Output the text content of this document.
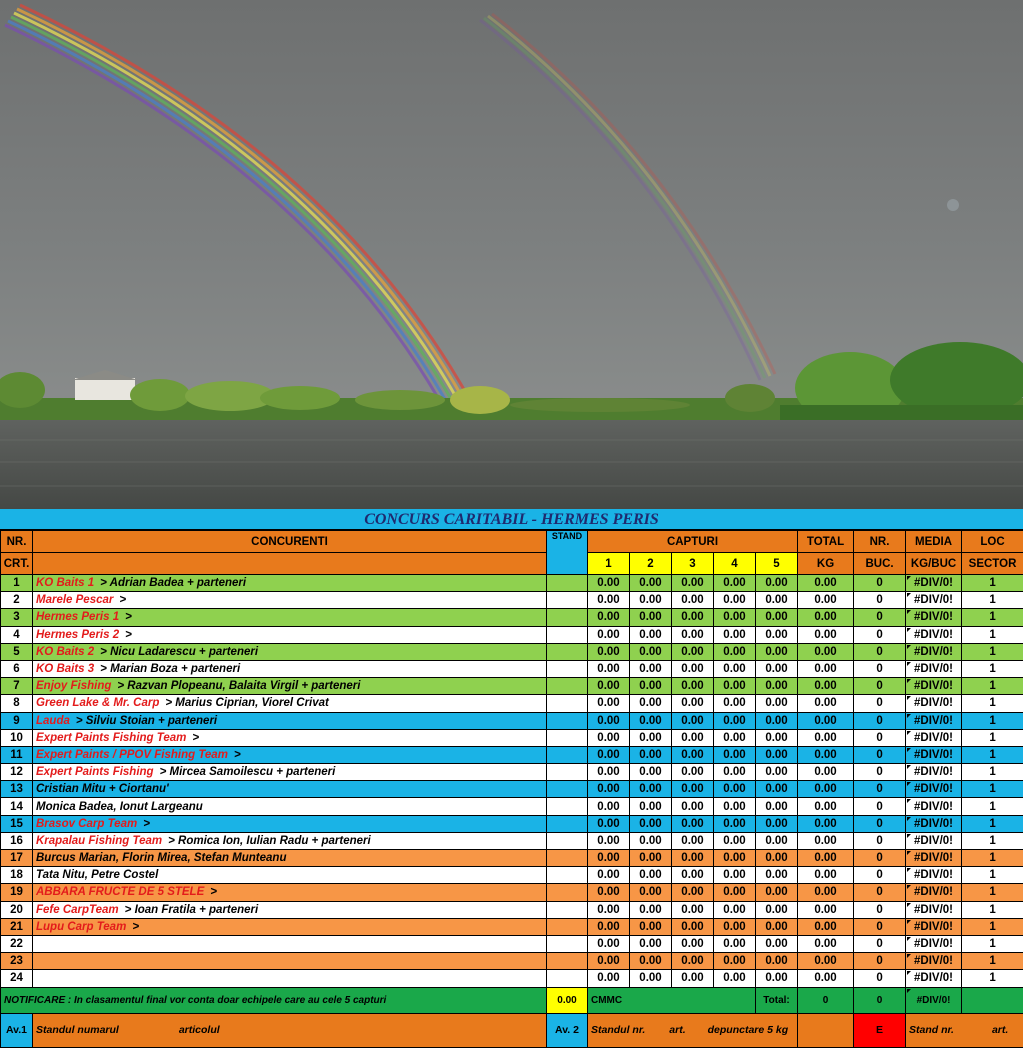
CONCURS CARITABIL - HERMES PERIS
NR.	CONCURENTI	STAND	CAPTURI					TOTAL	NR.	MEDIA	LOC
CRT.			1	2	3	4	5	KG	BUC.	KG/BUC	SECTOR
1	KO Baits 1 > Adrian Badea + parteneri		0.00	0.00	0.00	0.00	0.00	0.00	0	#DIV/0!	1
2	Marele Pescar >		0.00	0.00	0.00	0.00	0.00	0.00	0	#DIV/0!	1
3	Hermes Peris 1 >		0.00	0.00	0.00	0.00	0.00	0.00	0	#DIV/0!	1
4	Hermes Peris 2 >		0.00	0.00	0.00	0.00	0.00	0.00	0	#DIV/0!	1
5	KO Baits 2 > Nicu Ladarescu + parteneri		0.00	0.00	0.00	0.00	0.00	0.00	0	#DIV/0!	1
6	KO Baits 3 > Marian Boza + parteneri		0.00	0.00	0.00	0.00	0.00	0.00	0	#DIV/0!	1
7	Enjoy Fishing > Razvan Plopeanu, Balaita Virgil + parteneri		0.00	0.00	0.00	0.00	0.00	0.00	0	#DIV/0!	1
8	Green Lake & Mr. Carp > Marius Ciprian, Viorel Crivat		0.00	0.00	0.00	0.00	0.00	0.00	0	#DIV/0!	1
9	Lauda > Silviu Stoian + parteneri		0.00	0.00	0.00	0.00	0.00	0.00	0	#DIV/0!	1
10	Expert Paints Fishing Team >		0.00	0.00	0.00	0.00	0.00	0.00	0	#DIV/0!	1
11	Expert Paints / PPOV Fishing Team >		0.00	0.00	0.00	0.00	0.00	0.00	0	#DIV/0!	1
12	Expert Paints Fishing > Mircea Samoilescu + parteneri		0.00	0.00	0.00	0.00	0.00	0.00	0	#DIV/0!	1
13	Cristian Mitu + Ciortanu'		0.00	0.00	0.00	0.00	0.00	0.00	0	#DIV/0!	1
14	Monica Badea, Ionut Largeanu		0.00	0.00	0.00	0.00	0.00	0.00	0	#DIV/0!	1
15	Brasov Carp Team >		0.00	0.00	0.00	0.00	0.00	0.00	0	#DIV/0!	1
16	Krapalau Fishing Team > Romica Ion, Iulian Radu + parteneri		0.00	0.00	0.00	0.00	0.00	0.00	0	#DIV/0!	1
17	Burcus Marian, Florin Mirea, Stefan Munteanu		0.00	0.00	0.00	0.00	0.00	0.00	0	#DIV/0!	1
18	Tata Nitu, Petre Costel		0.00	0.00	0.00	0.00	0.00	0.00	0	#DIV/0!	1
19	ABBARA FRUCTE DE 5 STELE >		0.00	0.00	0.00	0.00	0.00	0.00	0	#DIV/0!	1
20	Fefe CarpTeam > Ioan Fratila + parteneri		0.00	0.00	0.00	0.00	0.00	0.00	0	#DIV/0!	1
21	Lupu Carp Team >		0.00	0.00	0.00	0.00	0.00	0.00	0	#DIV/0!	1
22			0.00	0.00	0.00	0.00	0.00	0.00	0	#DIV/0!	1
23			0.00	0.00	0.00	0.00	0.00	0.00	0	#DIV/0!	1
24			0.00	0.00	0.00	0.00	0.00	0.00	0	#DIV/0!	1
NOTIFICARE : In clasamentul final vor conta doar echipele care au cele 5 capturi		0.00	CMMC				Total:	0	0	#DIV/0!	
Av.1	Standul numarul articolul	Av. 2	Standul nr. art. depunctare 5 kg						E	Stand nr. art.	
